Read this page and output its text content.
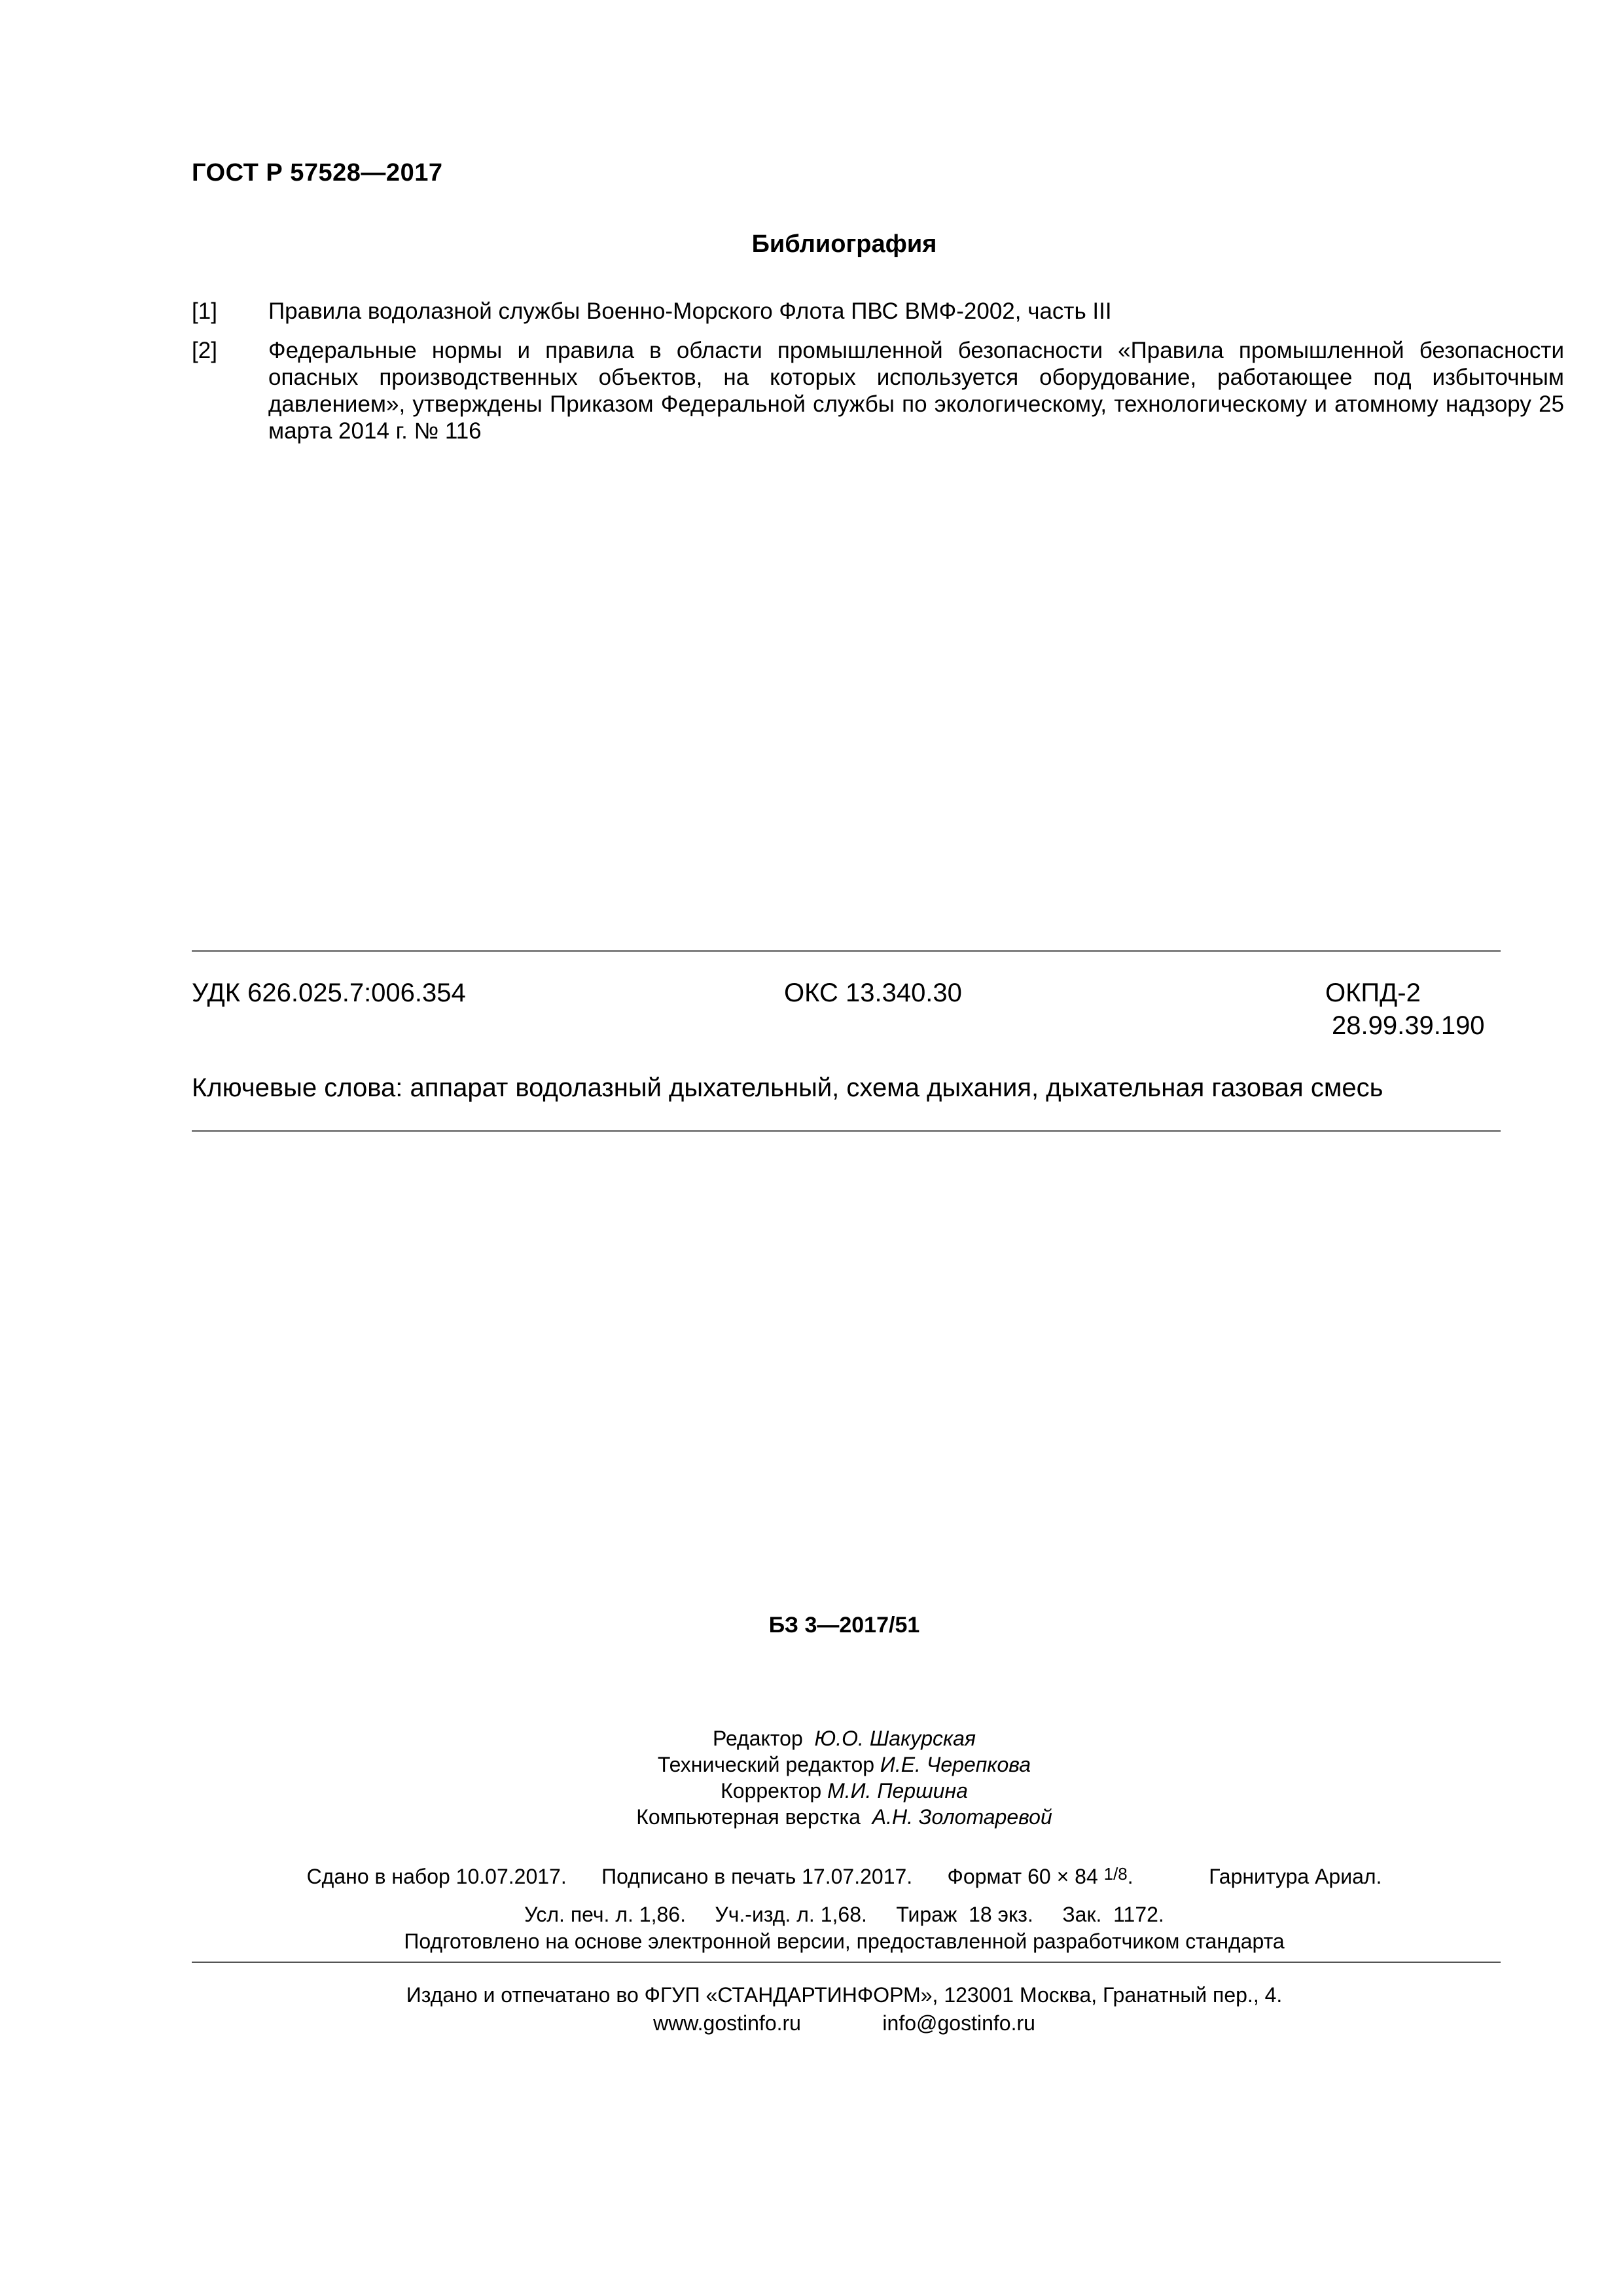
ГОСТ Р 57528—2017
Библиография
[1] Правила водолазной службы Военно-Морского Флота ПВС ВМФ-2002, часть III
[2] Федеральные нормы и правила в области промышленной безопасности «Правила промышленной безопасности опасных производственных объектов, на которых используется оборудование, работающее под избыточным давлением», утверждены Приказом Федеральной службы по экологическому, технологическому и атомному надзору 25 марта 2014 г. № 116
УДК 626.025.7:006.354	ОКС 13.340.30	ОКПД-2
28.99.39.190
Ключевые слова: аппарат водолазный дыхательный, схема дыхания, дыхательная газовая смесь
БЗ 3—2017/51
Редактор Ю.О. Шакурская
Технический редактор И.Е. Черепкова
Корректор М.И. Першина
Компьютерная верстка А.Н. Золотаревой
Сдано в набор 10.07.2017. Подписано в печать 17.07.2017. Формат 60 × 84 1/8.             Гарнитура Ариал.
Усл. печ. л. 1,86.     Уч.-изд. л. 1,68.     Тираж  18 экз.     Зак.  1172.
Подготовлено на основе электронной версии, предоставленной разработчиком стандарта
Издано и отпечатано во ФГУП «СТАНДАРТИНФОРМ», 123001 Москва, Гранатный пер., 4.
www.gostinfo.ru	info@gostinfo.ru
